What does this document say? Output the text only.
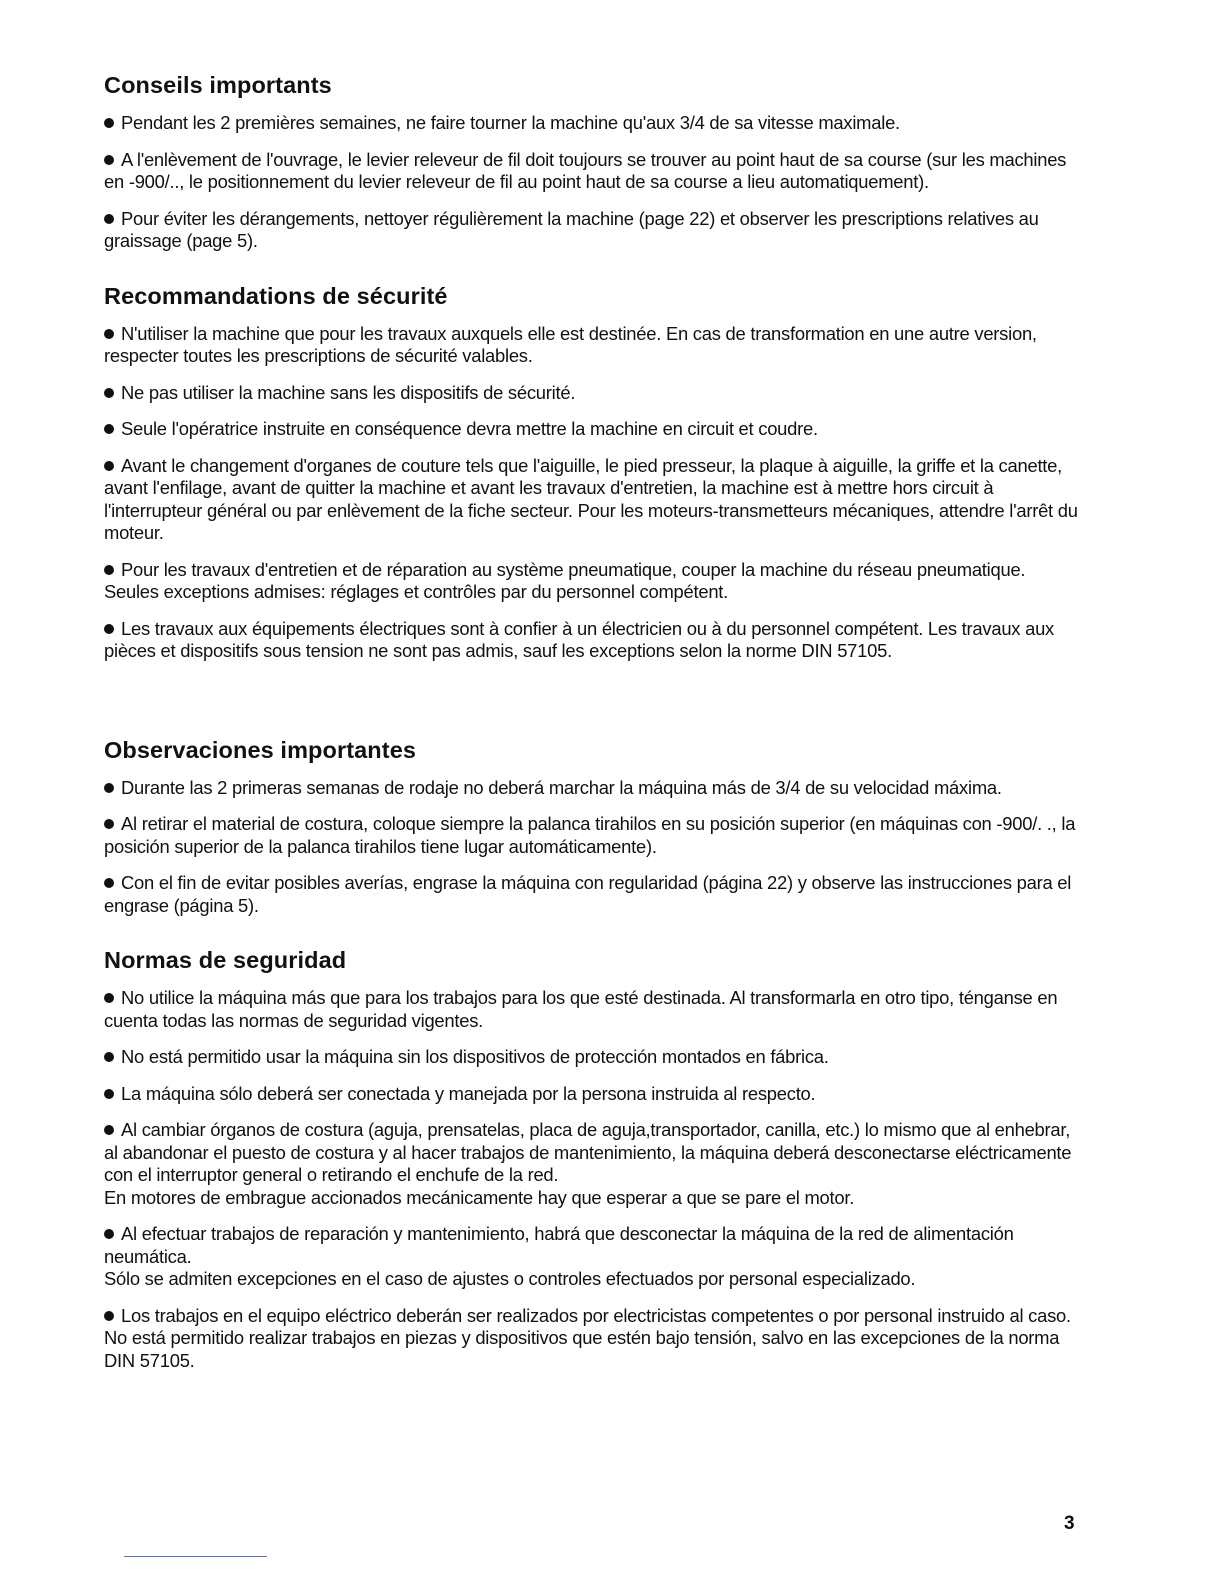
Conseils importants

Pendant les 2 premières semaines, ne faire tourner la machine qu'aux 3/4 de sa vitesse maximale.

A l'enlèvement de l'ouvrage, le levier releveur de fil doit toujours se trouver au point haut de sa course (sur les machines en -900/.., le positionnement du levier releveur de fil au point haut de sa course a lieu automatiquement).

Pour éviter les dérangements, nettoyer régulièrement la machine (page 22) et observer les prescriptions relatives au graissage (page 5).

Recommandations de sécurité

N'utiliser la machine que pour les travaux auxquels elle est destinée. En cas de transformation en une autre version, respecter toutes les prescriptions de sécurité valables.

Ne pas utiliser la machine sans les dispositifs de sécurité.

Seule l'opératrice instruite en conséquence devra mettre la machine en circuit et coudre.

Avant le changement d'organes de couture tels que l'aiguille, le pied presseur, la plaque à aiguille, la griffe et la canette, avant l'enfilage, avant de quitter la machine et avant les travaux d'entretien, la machine est à mettre hors circuit à l'interrupteur général ou par enlèvement de la fiche secteur. Pour les moteurs-transmetteurs mécaniques, attendre l'arrêt du moteur.

Pour les travaux d'entretien et de réparation au système pneumatique, couper la machine du réseau pneumatique.
Seules exceptions admises: réglages et contrôles par du personnel compétent.

Les travaux aux équipements électriques sont à confier à un électricien ou à du personnel compétent. Les travaux aux pièces et dispositifs sous tension ne sont pas admis, sauf les exceptions selon la norme DIN 57105.

Observaciones importantes

Durante las 2 primeras semanas de rodaje no deberá marchar la máquina más de 3/4 de su velocidad máxima.

Al retirar el material de costura, coloque siempre la palanca tirahilos en su posición superior (en máquinas con -900/. ., la posición superior de la palanca tirahilos tiene lugar automáticamente).

Con el fin de evitar posibles averías, engrase la máquina con regularidad (página 22) y observe las instrucciones para el engrase (página 5).

Normas de seguridad

No utilice la máquina más que para los trabajos para los que esté destinada. Al transformarla en otro tipo, ténganse en cuenta todas las normas de seguridad vigentes.

No está permitido usar la máquina sin los dispositivos de protección montados en fábrica.

La máquina sólo deberá ser conectada y manejada por la persona instruida al respecto.

Al cambiar órganos de costura (aguja, prensatelas, placa de aguja,transportador, canilla, etc.) lo mismo que al enhebrar, al abandonar el puesto de costura y al hacer trabajos de mantenimiento, la máquina deberá desconectarse eléctricamente con el interruptor general o retirando el enchufe de la red.
En motores de embrague accionados mecánicamente hay que esperar a que se pare el motor.

Al efectuar trabajos de reparación y mantenimiento, habrá que desconectar la máquina de la red de alimentación neumática.
Sólo se admiten excepciones en el caso de ajustes o controles efectuados por personal especializado.

Los trabajos en el equipo eléctrico deberán ser realizados por electricistas competentes o por personal instruido al caso.
No está permitido realizar trabajos en piezas y dispositivos que estén bajo tensión, salvo en las excepciones de la norma DIN 57105.

3
